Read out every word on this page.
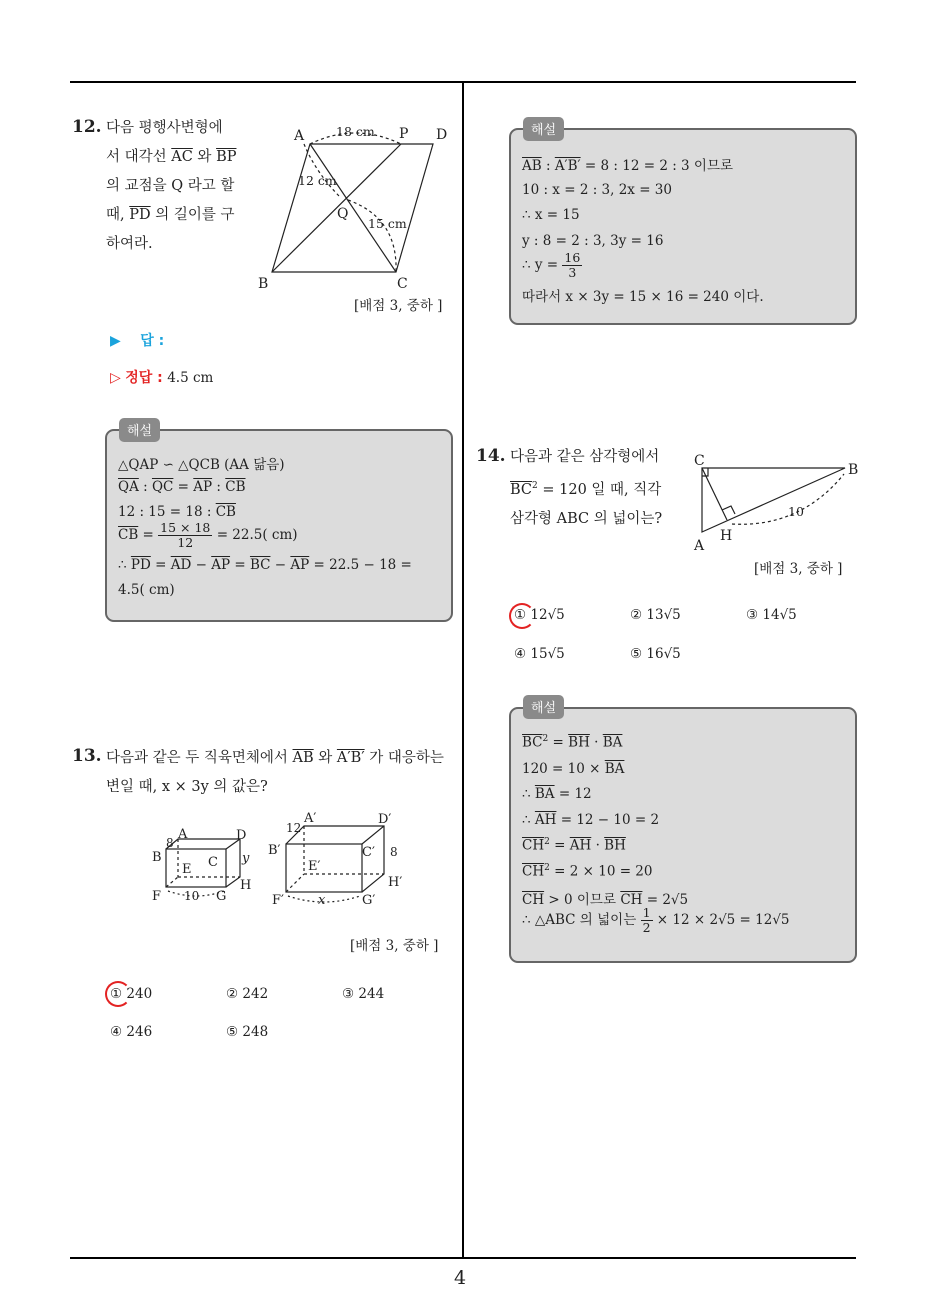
4
12. 다음 평행사변형에
서 대각선 $\overline{AC}$ 와 $\overline{BP}$
의 교점을 Q 라고 할
때, $\overline{PD}$ 의 길이를 구
하여라.
A	P D
B	C
Q
18 cm
12 cm
15 cm
[배점 3, 중하 ]
▶ 답 :
▷ 정답 : 4.5 cm
해설
△QAP ∽ △QCB (AA 닮음)
$\overline{QA}$ : $\overline{QC} = \overline{AP}$ : $\overline{CB}$
12 : 15 = 18 : $\overline{CB}$
$\overline{CB} = \frac{15 \times 18}{12} = 22.5$( cm)
∴ $\overline{PD} = \overline{AD} - \overline{AP} = \overline{BC} - \overline{AP} = 22.5 - 18$ =
4.5( cm)
13. 다음과 같은 두 직육면체에서 $\overline{AB}$ 와 A′B′ 가 대응하는
변일 때, x × 3y 의 값은?
8
A	D
B
E C y
H
F 10 G
12
A′	D′
B′	C′ 8
E′
H′
F′	x	G′
[배점 3, 중하 ]
① 240	② 242	③ 244
④ 246	⑤ 248
해설
$\overline{AB}$ : A′B′ = 8 : 12 = 2 : 3 이므로
10 : x = 2 : 3, 2x = 30
∴ x = 15
y : 8 = 2 : 3, 3y = 16
∴ $y = \frac{16}{3}$
따라서 x × 3y = 15 × 16 = 240 이다.
14. 다음과 같은 삼각형에서
$\overline{BC}^2 = 120$ 일 때, 직각
삼각형 ABC 의 넓이는?
C
B
A
H
10
[배점 3, 중하 ]
① 12√5	② 13√5	③ 14√5
④ 15√5	⑤ 16√5
해설
$\overline{BC}^2 = \overline{BH} \cdot \overline{BA}$
$120 = 10 \times \overline{BA}$
∴ $\overline{BA} = 12$
∴ $\overline{AH} = 12 - 10 = 2$
$\overline{CH}^2 = \overline{AH} \cdot \overline{BH}$
$\overline{CH}^2 = 2 \times 10 = 20$
$\overline{CH} > 0$ 이므로 $\overline{CH} = 2√5$
∴ △ABC 의 넓이는 $\frac{1}{2} \times 12 \times 2√5 = 12√5$
